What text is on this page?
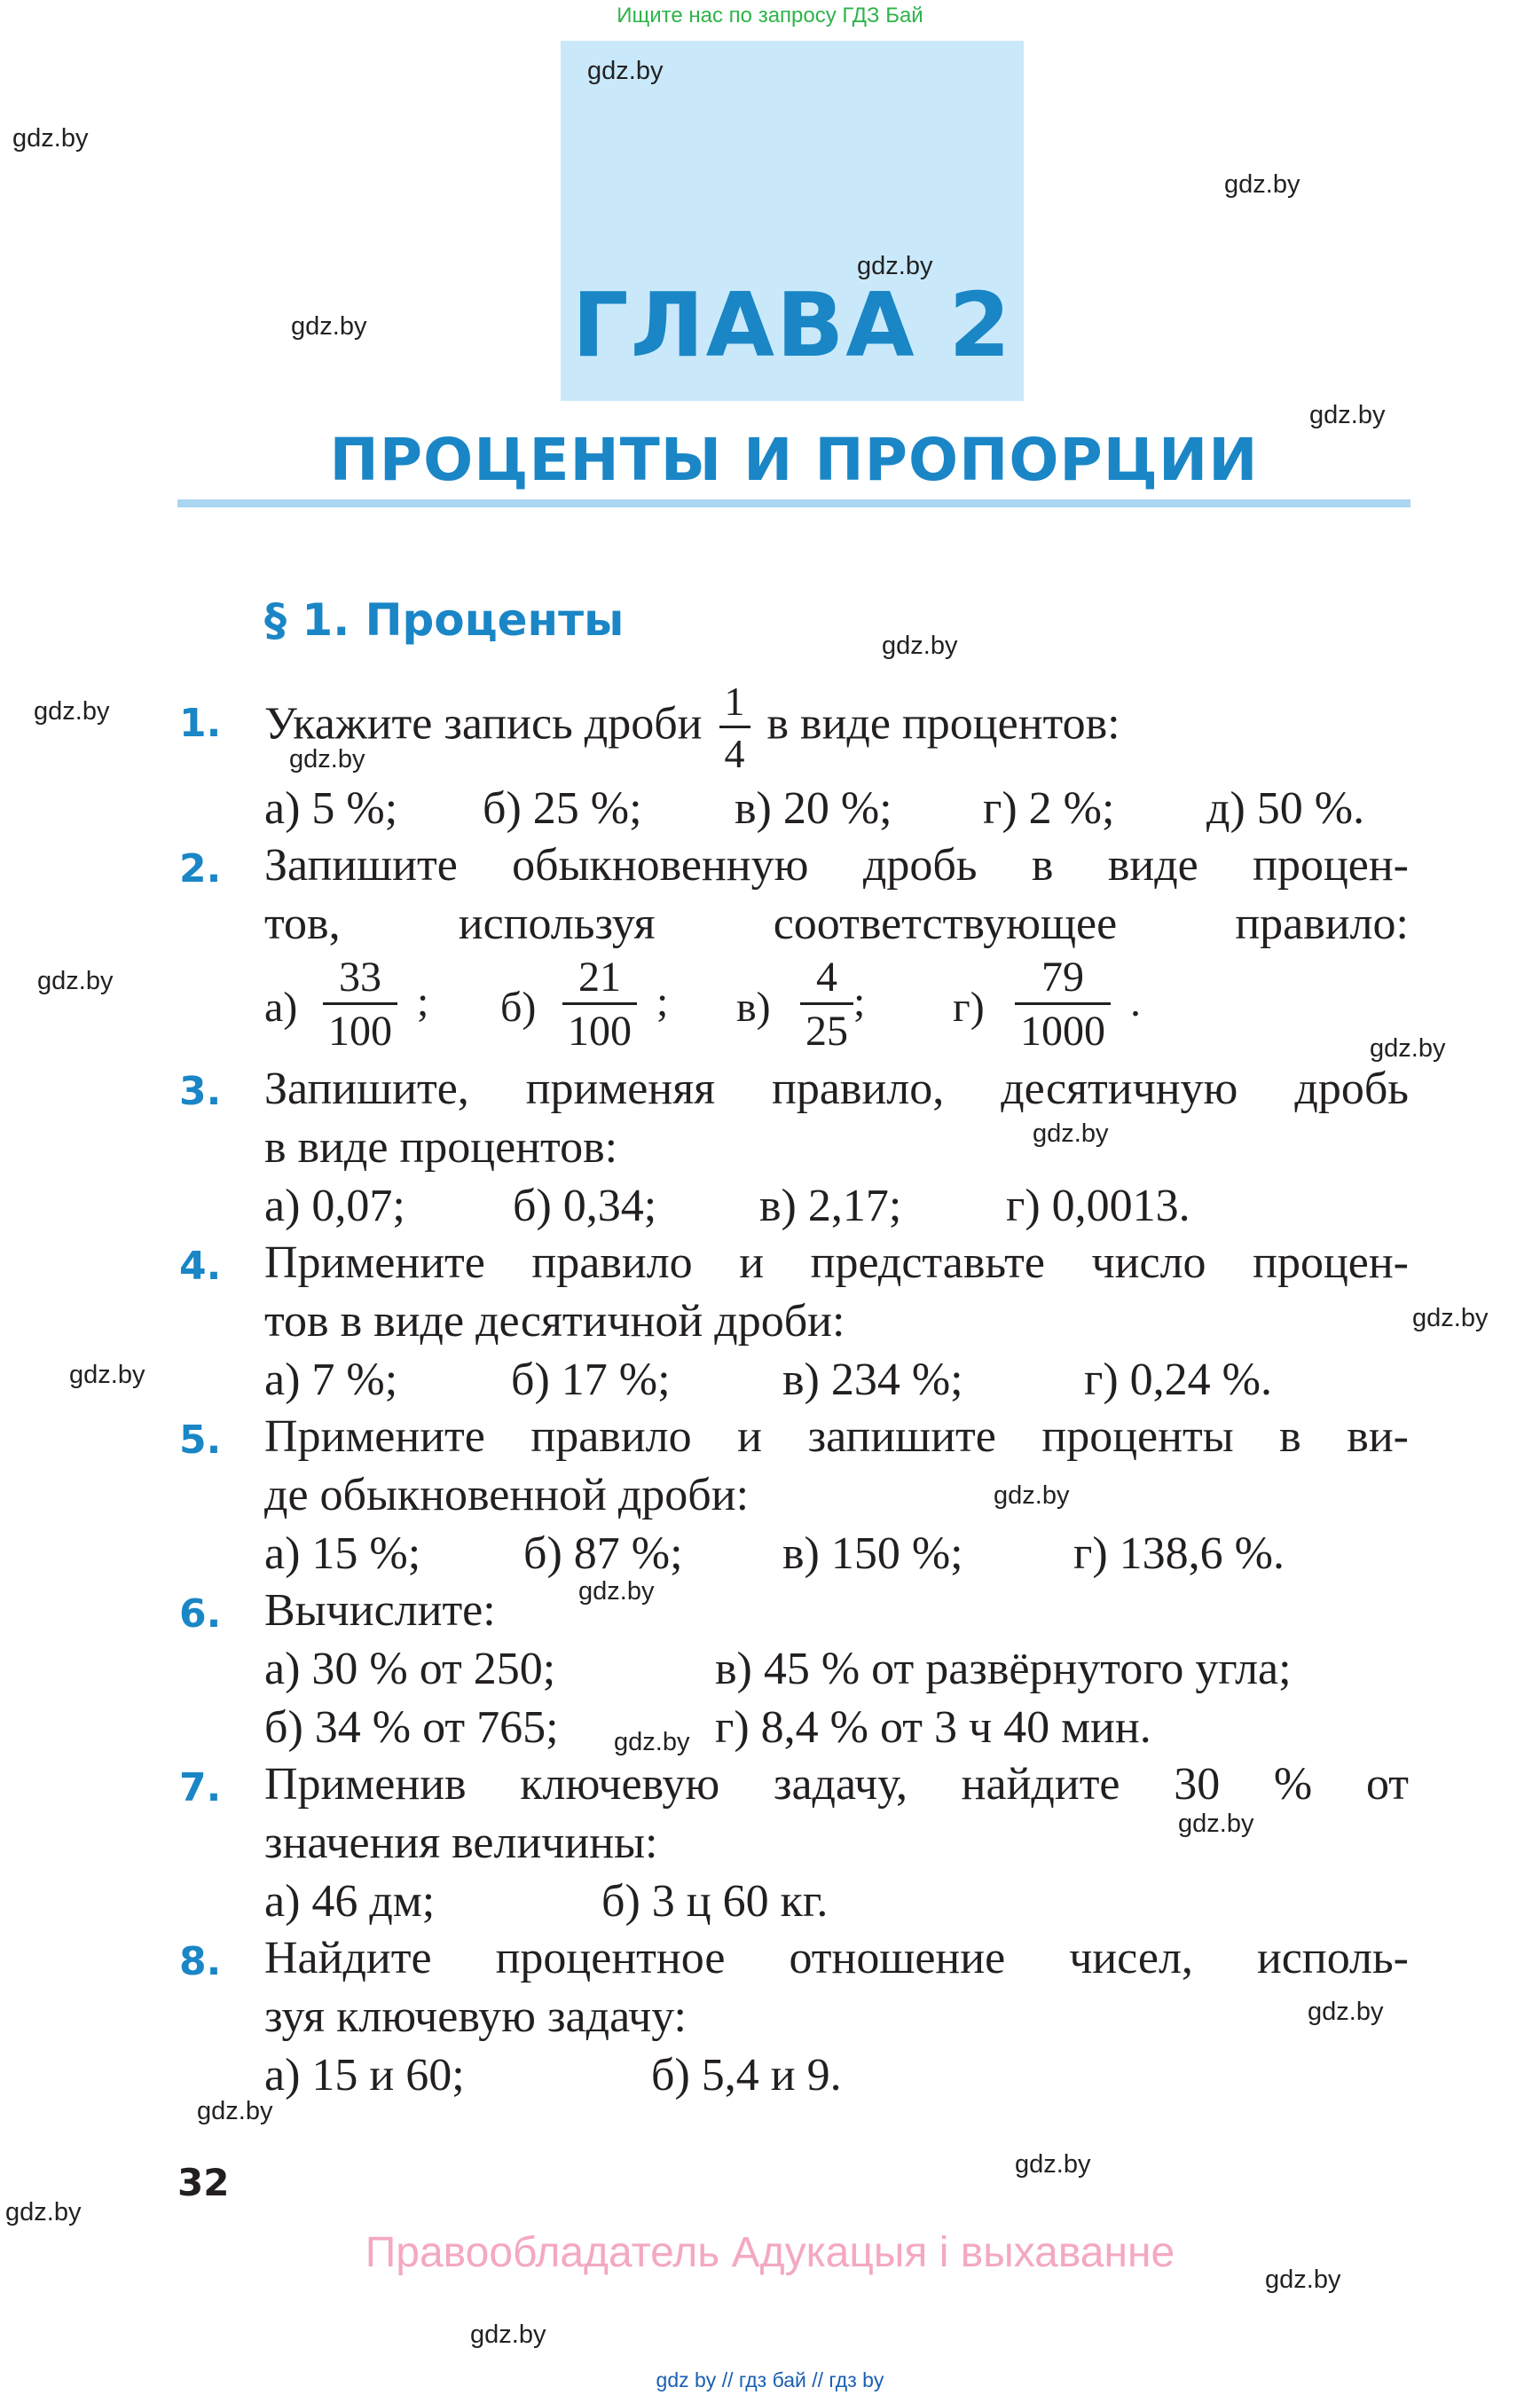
Ищите нас по запросу ГДЗ Бай
ГЛАВА 2
ПРОЦЕНТЫ И ПРОПОРЦИИ
§ 1. Проценты
1. Укажите запись дроби $\frac{1}{4}$ в виде процентов:
а) 5 %; б) 25 %; в) 20 %; г) 2 %; д) 50 %.
2. Запишите обыкновенную дробь в виде процен-
тов, используя соответствующее правило:
$а) \frac{33}{100}$ ; $б) \frac{21}{100}$ ; $в) \frac{4}{25}$ ; $г) \frac{79}{1000}$ .
3. Запишите, применяя правило, десятичную дробь
в виде процентов:
а) 0,07; б) 0,34; в) 2,17; г) 0,0013.
4. Примените правило и представьте число процен-
тов в виде десятичной дроби:
а) 7 %; б) 17 %; в) 234 %;	г) 0,24 %.
5. Примените правило и запишите проценты в ви-
де обыкновенной дроби:
а) 15 %; б) 87 %; в) 150 %; г) 138,6 %.
6. Вычислите:
а) 30 % от 250;	в) 45 % от развёрнутого угла;
б) 34 % от 765;	г) 8,4 % от 3 ч 40 мин.
7. Применив ключевую задачу, найдите 30 % от
значения величины:
а) 46 дм;	б) 3 ц 60 кг.
8. Найдите процентное отношение чисел, исполь-
зуя ключевую задачу:
а) 15 и 60;	б) 5,4 и 9.
32
Правообладатель Адукацыя і выхаванне
gdz by // гдз бай // гдз by
gdz.by
gdz.by
gdz.by
gdz.by
gdz.by
gdz.by
gdz.by
gdz.by
gdz.by
gdz.by
gdz.by
gdz.by
gdz.by
gdz.by
gdz.by
gdz.by
gdz.by
gdz.by
gdz.by
gdz.by
gdz.by
gdz.by
gdz.by
gdz.by
